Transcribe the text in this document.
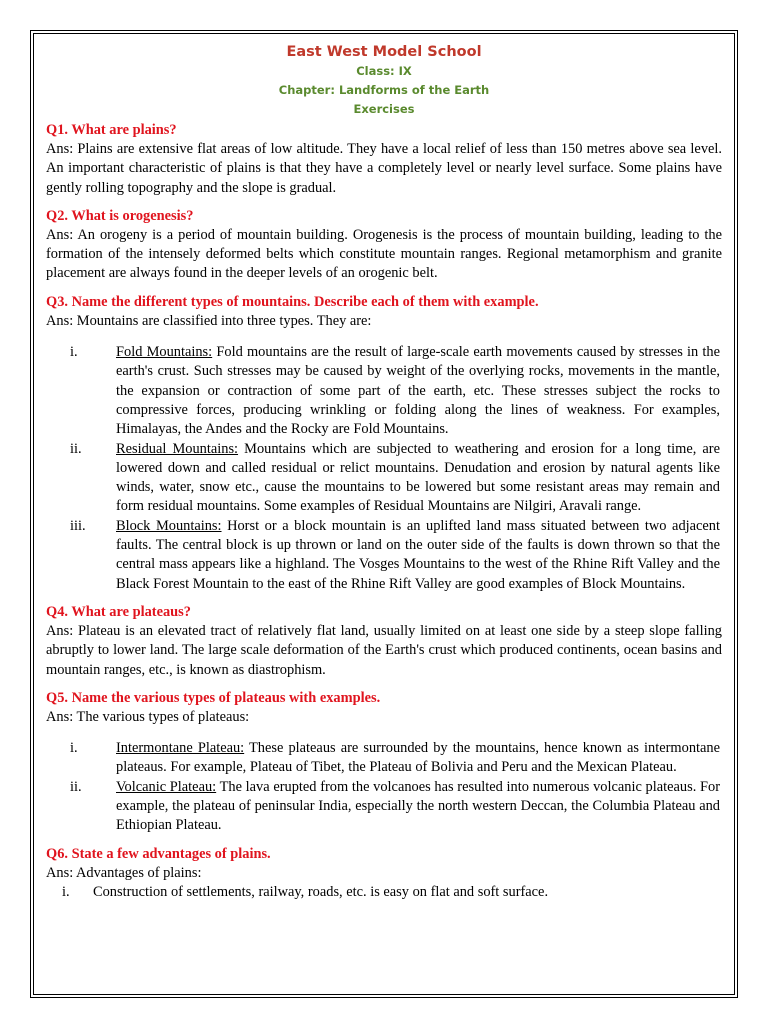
East West Model School
Class: IX
Chapter: Landforms of the Earth
Exercises
Q1. What are plains?

Ans: Plains are extensive flat areas of low altitude. They have a local relief of less than 150 metres above sea level. An important characteristic of plains is that they have a completely level or nearly level surface. Some plains have gently rolling topography and the slope is gradual.

Q2. What is orogenesis?

Ans: An orogeny is a period of mountain building. Orogenesis is the process of mountain building, leading to the formation of the intensely deformed belts which constitute mountain ranges. Regional metamorphism and granite placement are always found in the deeper levels of an orogenic belt.

Q3. Name the different types of mountains. Describe each of them with example.

Ans: Mountains are classified into three types. They are:

i.	Fold Mountains: Fold mountains are the result of large-scale earth movements caused by stresses in the earth's crust. Such stresses may be caused by weight of the overlying rocks, movements in the mantle, the expansion or contraction of some part of the earth, etc. These stresses subject the rocks to compressive forces, producing wrinkling or folding along the lines of weakness. For examples, Himalayas, the Andes and the Rocky are Fold Mountains.
ii.	Residual Mountains: Mountains which are subjected to weathering and erosion for a long time, are lowered down and called residual or relict mountains. Denudation and erosion by natural agents like winds, water, snow etc., cause the mountains to be lowered but some resistant areas may remain and form residual mountains. Some examples of Residual Mountains are Nilgiri, Aravali range.
iii.	Block Mountains: Horst or a block mountain is an uplifted land mass situated between two adjacent faults. The central block is up thrown or land on the outer side of the faults is down thrown so that the central mass appears like a highland. The Vosges Mountains to the west of the Rhine Rift Valley and the Black Forest Mountain to the east of the Rhine Rift Valley are good examples of Block Mountains.
Q4. What are plateaus?

Ans: Plateau is an elevated tract of relatively flat land, usually limited on at least one side by a steep slope falling abruptly to lower land. The large scale deformation of the Earth's crust which produced continents, ocean basins and mountain ranges, etc., is known as diastrophism.

Q5. Name the various types of plateaus with examples.

Ans: The various types of plateaus:

i.	Intermontane Plateau: These plateaus are surrounded by the mountains, hence known as intermontane plateaus. For example, Plateau of Tibet, the Plateau of Bolivia and Peru and the Mexican Plateau.
ii.	Volcanic Plateau: The lava erupted from the volcanoes has resulted into numerous volcanic plateaus. For example, the plateau of peninsular India, especially the north western Deccan, the Columbia Plateau and Ethiopian Plateau.
Q6. State a few advantages of plains.

Ans: Advantages of plains:

i.	Construction of settlements, railway, roads, etc. is easy on flat and soft surface.
